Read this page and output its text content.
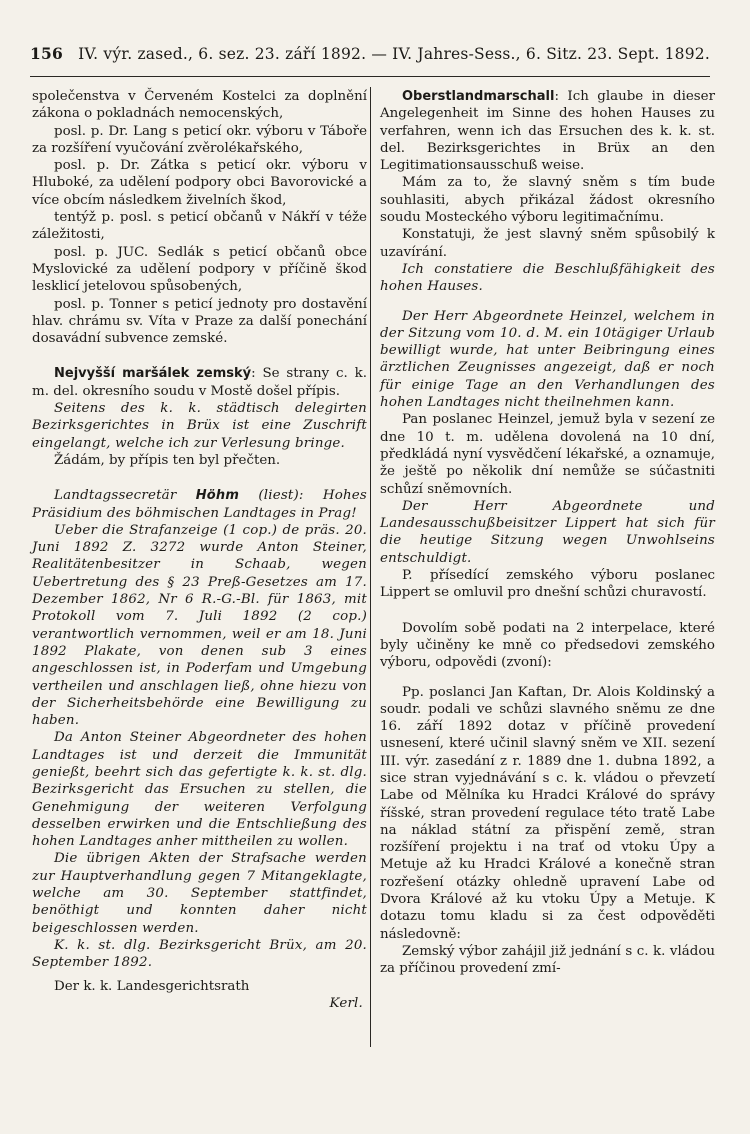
156 IV. výr. zased., 6. sez. 23. září 1892. — IV. Jahres-Sess., 6. Sitz. 23. Sept. 1892.

společenstva v Červeném Kostelci za doplnění zákona o pokladnách nemocenských,

posl. p. Dr. Lang s peticí okr. výboru v Táboře za rozšíření vyučování zvěrolékařského,

posl. p. Dr. Zátka s peticí okr. výboru v Hluboké, za udělení podpory obci Bavorovické a více obcím následkem živelních škod,

tentýž p. posl. s peticí občanů v Nákří v téže záležitosti,

posl. p. JUC. Sedlák s peticí občanů obce Myslovické za udělení podpory v příčině škod lesklicí jetelovou spůsobených,

posl. p. Tonner s peticí jednoty pro dostavění hlav. chrámu sv. Víta v Praze za další ponechání dosavádní subvence zemské.

Nejvyšší maršálek zemský: Se strany c. k. m. del. okresního soudu v Mostě došel přípis.

Seitens des k. k. städtisch delegirten Bezirksgerichtes in Brüx ist eine Zuschrift eingelangt, welche ich zur Verlesung bringe.

Žádám, by přípis ten byl přečten.

Landtagssecretär Höhm (liest): Hohes Präsidium des böhmischen Landtages in Prag!

Ueber die Strafanzeige (1 cop.) de präs. 20. Juni 1892 Z. 3272 wurde Anton Steiner, Realitätenbesitzer in Schaab, wegen Uebertretung des § 23 Preß-Gesetzes am 17. Dezember 1862, Nr 6 R.-G.-Bl. für 1863, mit Protokoll vom 7. Juli 1892 (2 cop.) verantwortlich vernommen, weil er am 18. Juni 1892 Plakate, von denen sub 3 eines angeschlossen ist, in Poderfam und Umgebung vertheilen und anschlagen ließ, ohne hiezu von der Sicherheitsbehörde eine Bewilligung zu haben.

Da Anton Steiner Abgeordneter des hohen Landtages ist und derzeit die Immunität genießt, beehrt sich das gefertigte k. k. st. dlg. Bezirksgericht das Ersuchen zu stellen, die Genehmigung der weiteren Verfolgung desselben erwirken und die Entschließung des hohen Landtages anher mittheilen zu wollen.

Die übrigen Akten der Strafsache werden zur Hauptverhandlung gegen 7 Mitangeklagte, welche am 30. September stattfindet, benöthigt und konnten daher nicht beigeschlossen werden.

K. k. st. dlg. Bezirksgericht Brüx, am 20. September 1892.

Der k. k. Landesgerichtsrath

Kerl.

Oberstlandmarschall: Ich glaube in dieser Angelegenheit im Sinne des hohen Hauses zu verfahren, wenn ich das Ersuchen des k. k. st. del. Bezirksgerichtes in Brüx an den Legitimationsausschuß weise.

Mám za to, že slavný sněm s tím bude souhlasiti, abych přikázal žádost okresního soudu Mosteckého výboru legitimačnímu.

Konstatuji, že jest slavný sněm spůsobilý k uzavírání.

Ich constatiere die Beschlußfähigkeit des hohen Hauses.

Der Herr Abgeordnete Heinzel, welchem in der Sitzung vom 10. d. M. ein 10tägiger Urlaub bewilligt wurde, hat unter Beibringung eines ärztlichen Zeugnisses angezeigt, daß er noch für einige Tage an den Verhandlungen des hohen Landtages nicht theilnehmen kann.

Pan poslanec Heinzel, jemuž byla v sezení ze dne 10 t. m. udělena dovolená na 10 dní, předkládá nyní vysvědčení lékařské, a oznamuje, že ještě po několik dní nemůže se súčastniti schůzí sněmovních.

Der Herr Abgeordnete und Landesausschußbeisitzer Lippert hat sich für die heutige Sitzung wegen Unwohlseins entschuldigt.

P. přísedící zemského výboru poslanec Lippert se omluvil pro dnešní schůzi churavostí.

Dovolím sobě podati na 2 interpelace, které byly učiněny ke mně co předsedovi zemského výboru, odpovědi (zvoní):

Pp. poslanci Jan Kaftan, Dr. Alois Koldinský a soudr. podali ve schůzi slavného sněmu ze dne 16. září 1892 dotaz v příčině provedení usnesení, které učinil slavný sněm ve XII. sezení III. výr. zasedání z r. 1889 dne 1. dubna 1892, a sice stran vyjednávání s c. k. vládou o převzetí Labe od Mělníka ku Hradci Králové do správy říšské, stran provedení regulace této tratě Labe na náklad státní za přispění země, stran rozšíření projektu i na trať od vtoku Úpy a Metuje až ku Hradci Králové a konečně stran rozřešení otázky ohledně upravení Labe od Dvora Králové až ku vtoku Úpy a Metuje. K dotazu tomu kladu si za čest odpověděti následovně:

Zemský výbor zahájil již jednání s c. k. vládou za příčinou provedení zmí-
